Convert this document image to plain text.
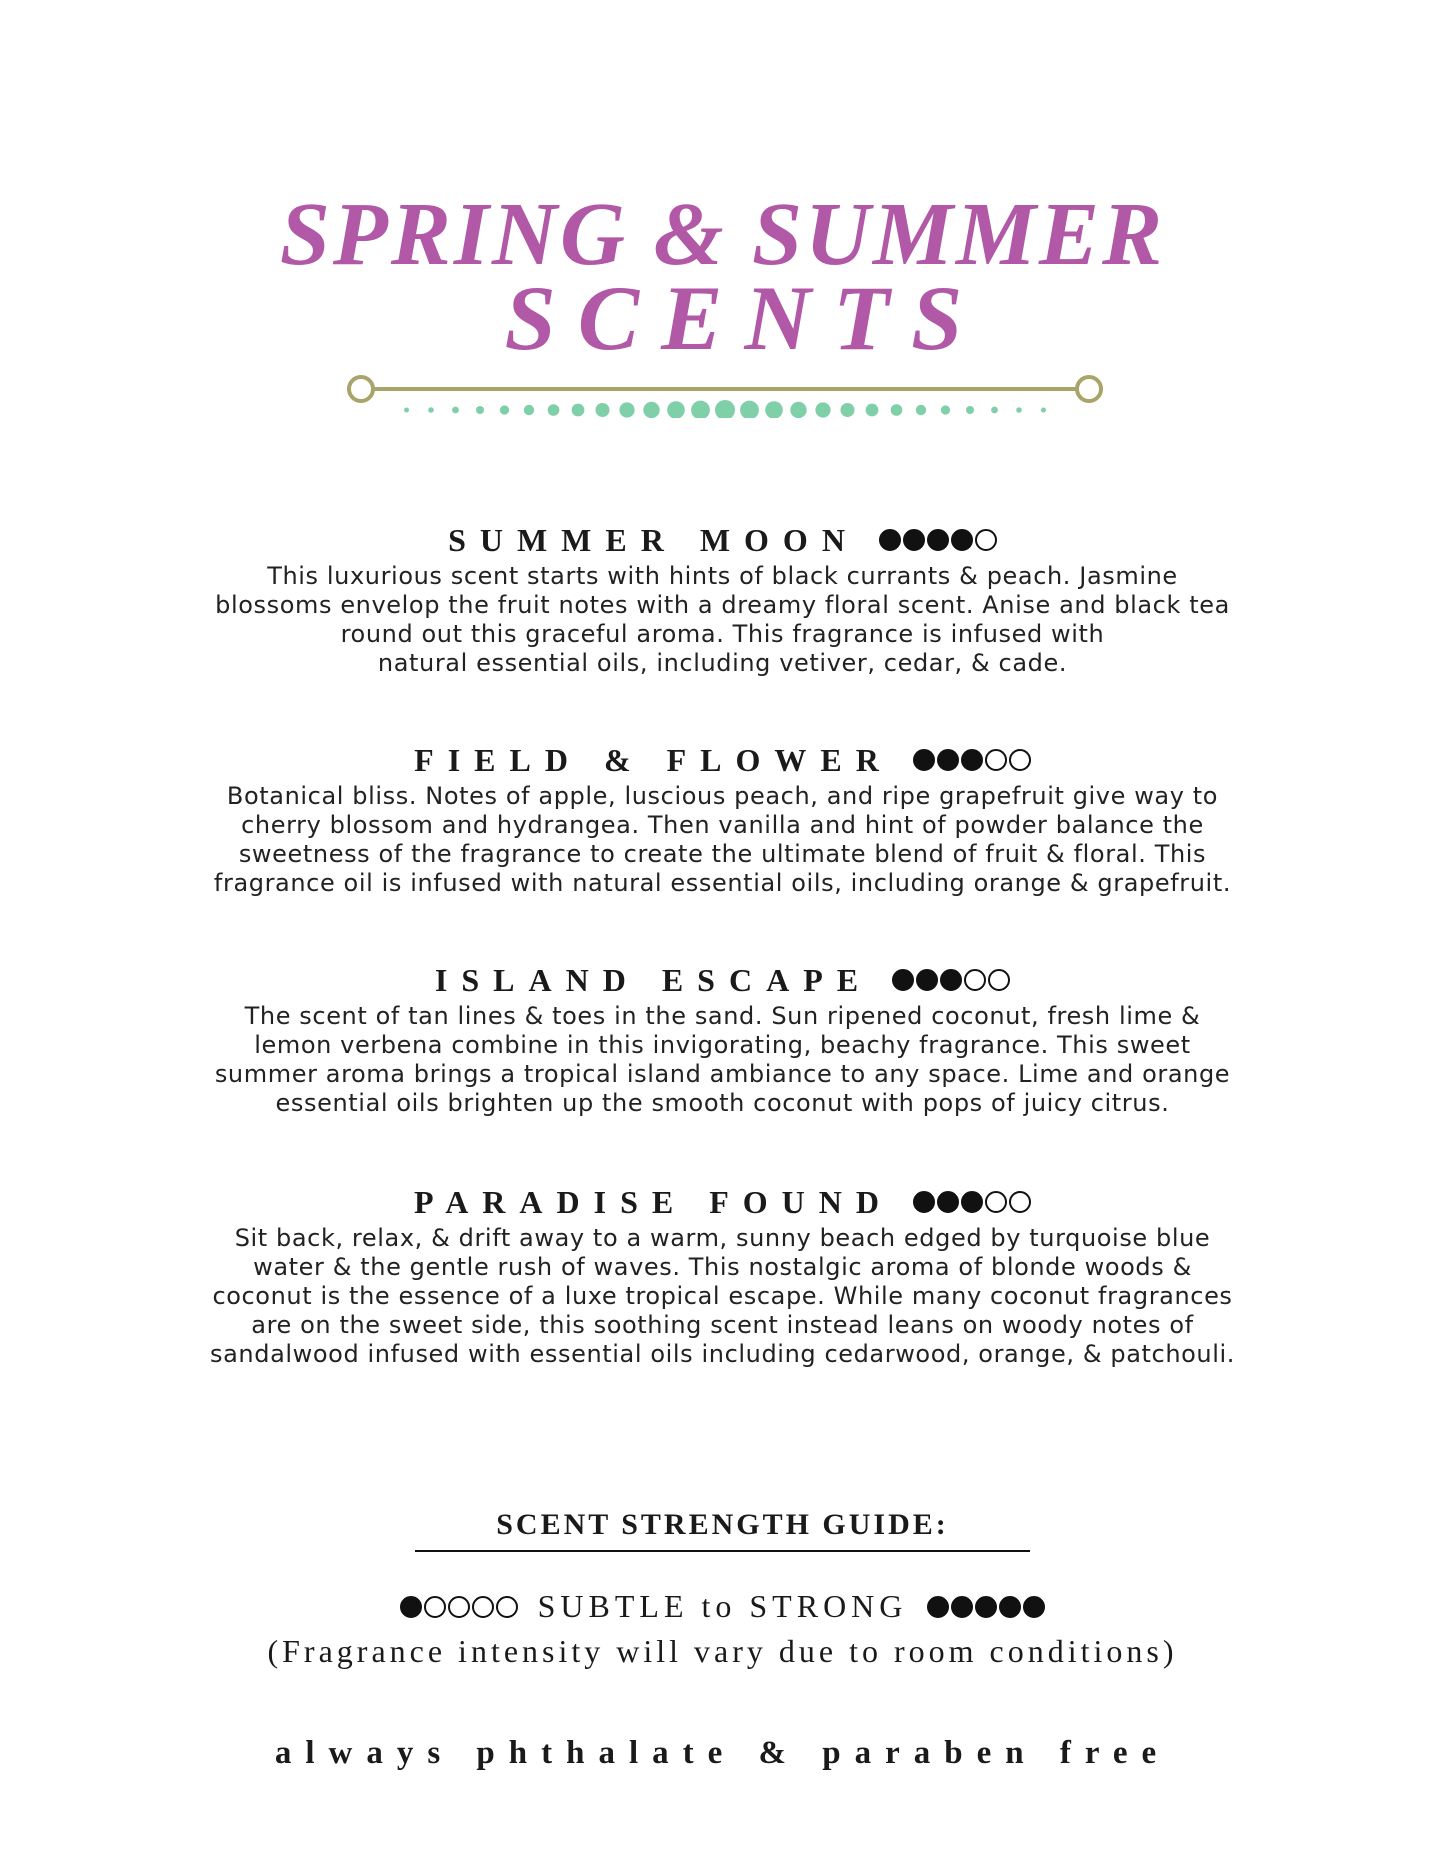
SPRING & SUMMER
SCENTS
SUMMER MOON
This luxurious scent starts with hints of black currants & peach. Jasmine
blossoms envelop the fruit notes with a dreamy floral scent. Anise and black tea
round out this graceful aroma. This fragrance is infused with
natural essential oils, including vetiver, cedar, & cade.
FIELD & FLOWER
Botanical bliss. Notes of apple, luscious peach, and ripe grapefruit give way to
cherry blossom and hydrangea. Then vanilla and hint of powder balance the
sweetness of the fragrance to create the ultimate blend of fruit & floral. This
fragrance oil is infused with natural essential oils, including orange & grapefruit.
ISLAND ESCAPE
The scent of tan lines & toes in the sand. Sun ripened coconut, fresh lime &
lemon verbena combine in this invigorating, beachy fragrance. This sweet
summer aroma brings a tropical island ambiance to any space. Lime and orange
essential oils brighten up the smooth coconut with pops of juicy citrus.
PARADISE FOUND
Sit back, relax, & drift away to a warm, sunny beach edged by turquoise blue
water & the gentle rush of waves. This nostalgic aroma of blonde woods &
coconut is the essence of a luxe tropical escape. While many coconut fragrances
are on the sweet side, this soothing scent instead leans on woody notes of
sandalwood infused with essential oils including cedarwood, orange, & patchouli.
SCENT STRENGTH GUIDE:
SUBTLE to STRONG
(Fragrance intensity will vary due to room conditions)
always phthalate & paraben free
